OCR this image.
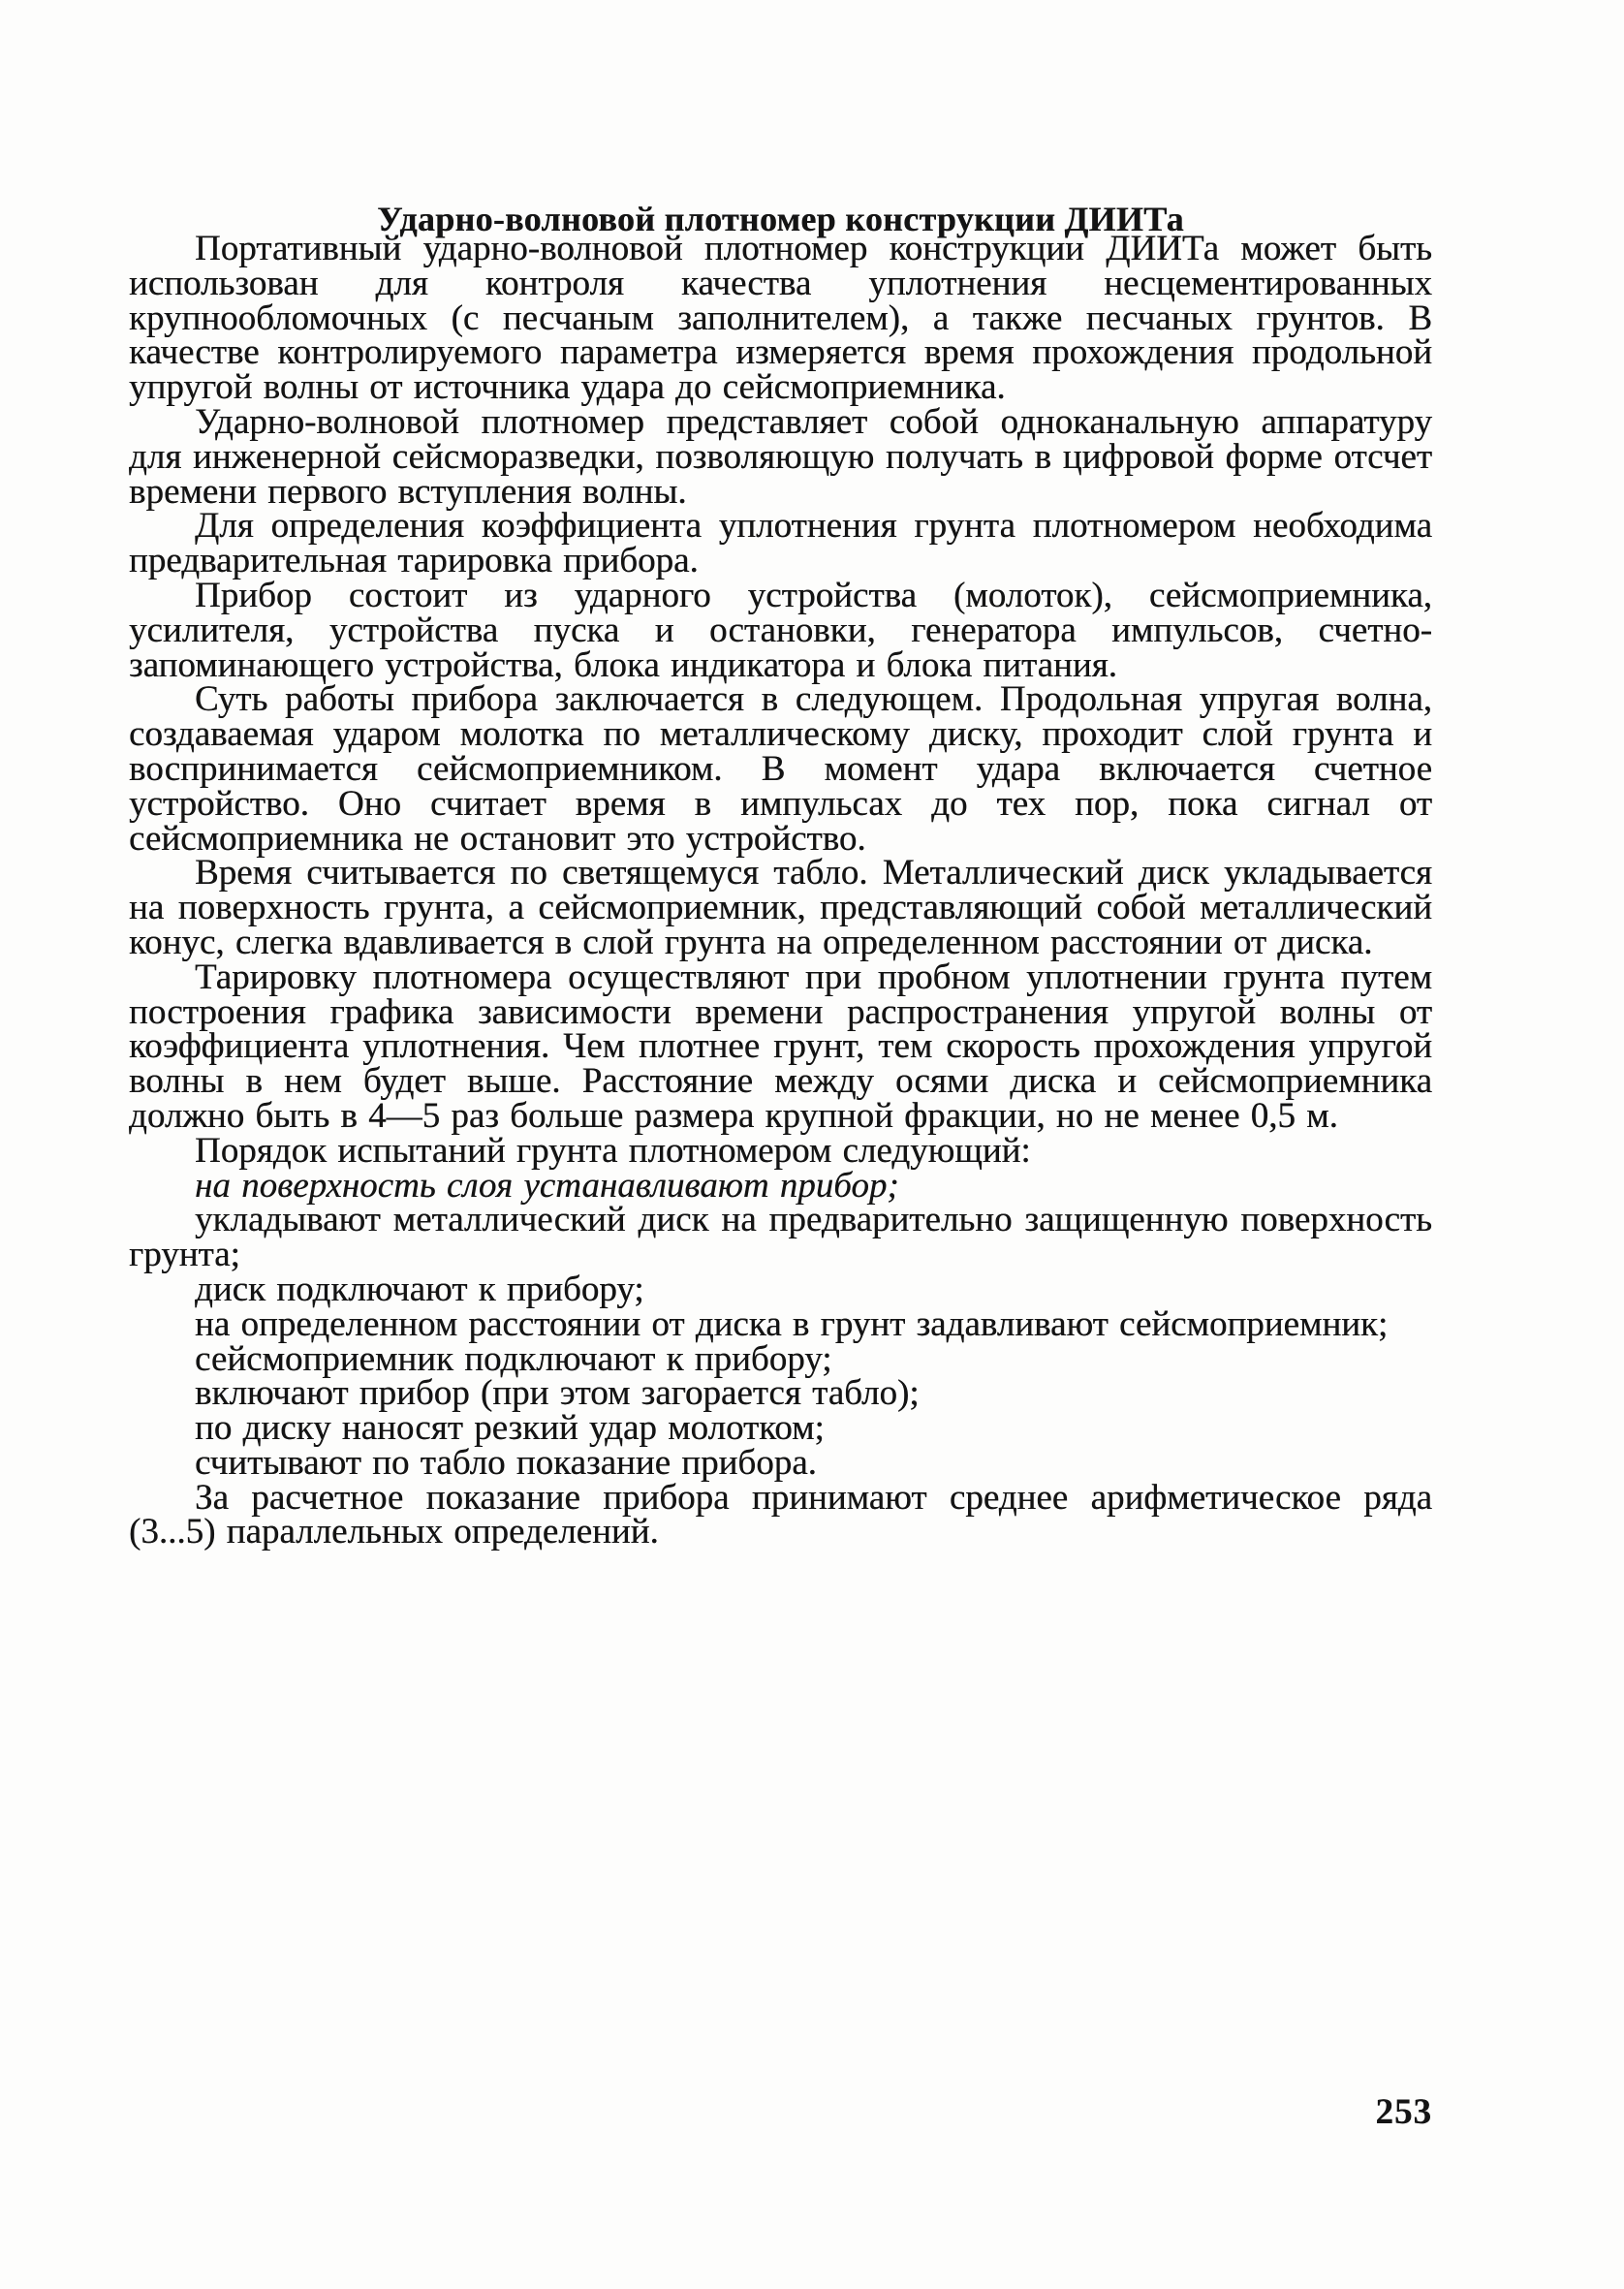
Ударно-волновой плотномер конструкции ДИИТа

Портативный ударно-волновой плотномер конструкции ДИИТа может быть использован для контроля качества уплотнения несцементированных крупнообломочных (с песчаным заполнителем), а также песчаных грунтов. В качестве контролируемого параметра измеряется время прохождения продольной упругой волны от источника удара до сейсмоприемника.

Ударно-волновой плотномер представляет собой одноканальную аппаратуру для инженерной сейсморазведки, позволяющую получать в цифровой форме отсчет времени первого вступления волны.

Для определения коэффициента уплотнения грунта плотномером необходима предварительная тарировка прибора.

Прибор состоит из ударного устройства (молоток), сейсмоприемника, усилителя, устройства пуска и остановки, генератора импульсов, счетно-запоминающего устройства, блока индикатора и блока питания.

Суть работы прибора заключается в следующем. Продольная упругая волна, создаваемая ударом молотка по металлическому диску, проходит слой грунта и воспринимается сейсмоприемником. В момент удара включается счетное устройство. Оно считает время в импульсах до тех пор, пока сигнал от сейсмоприемника не остановит это устройство.

Время считывается по светящемуся табло. Металлический диск укладывается на поверхность грунта, а сейсмоприемник, представляющий собой металлический конус, слегка вдавливается в слой грунта на определенном расстоянии от диска.

Тарировку плотномера осуществляют при пробном уплотнении грунта путем построения графика зависимости времени распространения упругой волны от коэффициента уплотнения. Чем плотнее грунт, тем скорость прохождения упругой волны в нем будет выше. Расстояние между осями диска и сейсмоприемника должно быть в 4—5 раз больше размера крупной фракции, но не менее 0,5 м.

Порядок испытаний грунта плотномером следующий:

на поверхность слоя устанавливают прибор;

укладывают металлический диск на предварительно защищенную поверхность грунта;

диск подключают к прибору;

на определенном расстоянии от диска в грунт задавливают сейсмоприемник;

сейсмоприемник подключают к прибору;

включают прибор (при этом загорается табло);

по диску наносят резкий удар молотком;

считывают по табло показание прибора.

За расчетное показание прибора принимают среднее арифметическое ряда (3...5) параллельных определений.

253
